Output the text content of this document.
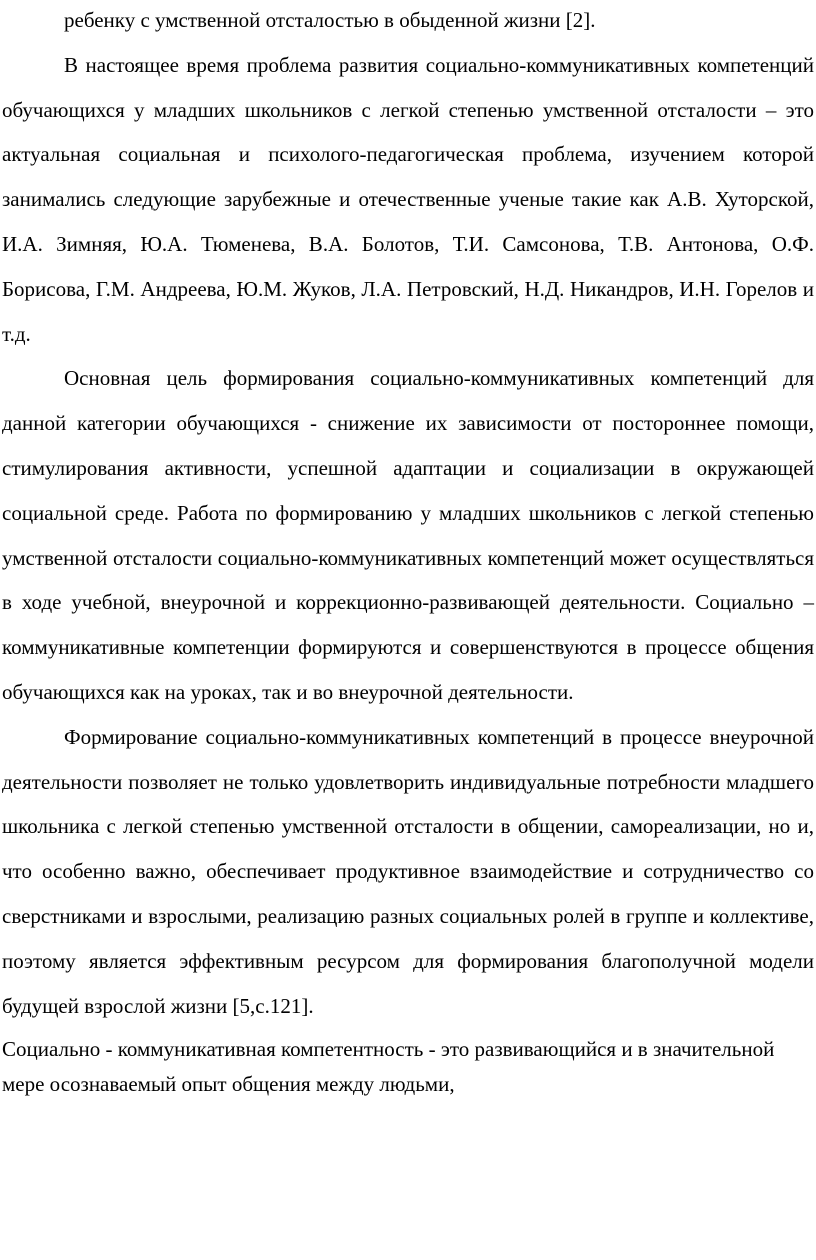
ребенку с умственной отсталостью в обыденной жизни [2].

В настоящее время проблема развития социально-коммуникативных компетенций обучающихся у младших школьников с легкой степенью умственной отсталости – это актуальная социальная и психолого-педагогическая проблема, изучением которой занимались следующие зарубежные и отечественные ученые такие как А.В. Хуторской, И.А. Зимняя, Ю.А. Тюменева, В.А. Болотов, Т.И. Самсонова, Т.В. Антонова, О.Ф. Борисова, Г.М. Андреева, Ю.М. Жуков, Л.А. Петровский, Н.Д. Никандров, И.Н. Горелов и т.д.

Основная цель формирования социально-коммуникативных компетенций для данной категории обучающихся - снижение их зависимости от постороннее помощи, стимулирования активности, успешной адаптации и социализации в окружающей социальной среде. Работа по формированию у младших школьников с легкой степенью умственной отсталости социально-коммуникативных компетенций может осуществляться в ходе учебной, внеурочной и коррекционно-развивающей деятельности. Социально – коммуникативные компетенции формируются и совершенствуются в процессе общения обучающихся как на уроках, так и во внеурочной деятельности.

Формирование социально-коммуникативных компетенций в процессе внеурочной деятельности позволяет не только удовлетворить индивидуальные потребности младшего школьника с легкой степенью умственной отсталости в общении, самореализации, но и, что особенно важно, обеспечивает продуктивное взаимодействие и сотрудничество со сверстниками и взрослыми, реализацию разных социальных ролей в группе и коллективе, поэтому является эффективным ресурсом для формирования благополучной модели будущей взрослой жизни [5,с.121].

Социально - коммуникативная компетентность - это развивающийся и в значительной мере осознаваемый опыт общения между людьми,
